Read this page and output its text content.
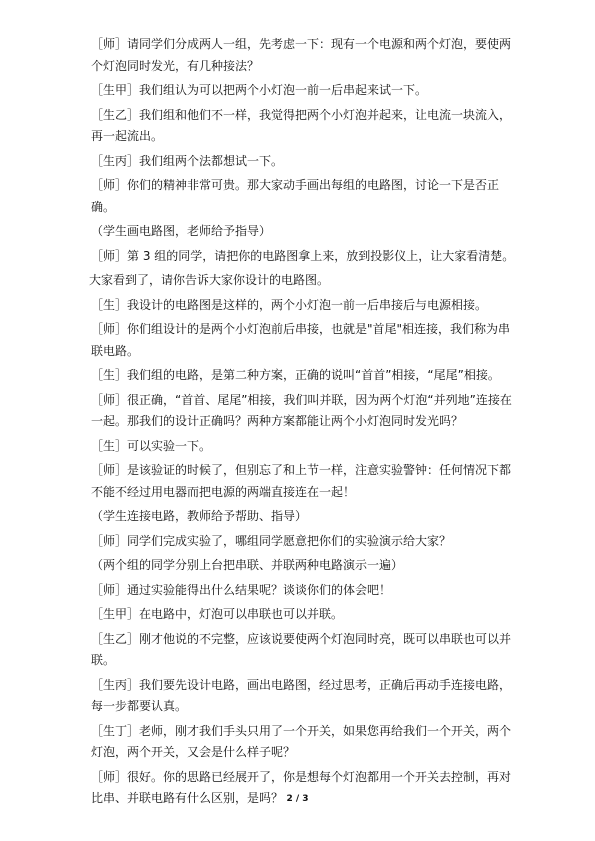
［师］请同学们分成两人一组，先考虑一下：现有一个电源和两个灯泡，要使两个灯泡同时发光，有几种接法？

［生甲］我们组认为可以把两个小灯泡一前一后串起来试一下。

［生乙］我们组和他们不一样，我觉得把两个小灯泡并起来，让电流一块流入，再一起流出。

［生丙］我们组两个法都想试一下。

［师］你们的精神非常可贵。那大家动手画出每组的电路图，讨论一下是否正确。

（学生画电路图，老师给予指导）

［师］第 3 组的同学，请把你的电路图拿上来，放到投影仪上，让大家看清楚。

大家看到了，请你告诉大家你设计的电路图。

［生］我设计的电路图是这样的，两个小灯泡一前一后串接后与电源相接。

［师］你们组设计的是两个小灯泡前后串接，也就是"首尾"相连接，我们称为串联电路。

［生］我们组的电路，是第二种方案，正确的说叫“首首”相接，“尾尾”相接。

［师］很正确，“首首、尾尾”相接，我们叫并联，因为两个灯泡“并列地”连接在一起。那我们的设计正确吗？两种方案都能让两个小灯泡同时发光吗？

［生］可以实验一下。

［师］是该验证的时候了，但别忘了和上节一样，注意实验警钟：任何情况下都不能不经过用电器而把电源的两端直接连在一起！

（学生连接电路，教师给予帮助、指导）

［师］同学们完成实验了，哪组同学愿意把你们的实验演示给大家？

（两个组的同学分别上台把串联、并联两种电路演示一遍）

［师］通过实验能得出什么结果呢？谈谈你们的体会吧！

［生甲］在电路中，灯泡可以串联也可以并联。

［生乙］刚才他说的不完整，应该说要使两个灯泡同时亮，既可以串联也可以并联。

［生丙］我们要先设计电路，画出电路图，经过思考，正确后再动手连接电路，每一步都要认真。

［生丁］老师，刚才我们手头只用了一个开关，如果您再给我们一个开关，两个灯泡，两个开关，又会是什么样子呢？

［师］很好。你的思路已经展开了，你是想每个灯泡都用一个开关去控制，再对比串、并联电路有什么区别，是吗？ 2 / 3
